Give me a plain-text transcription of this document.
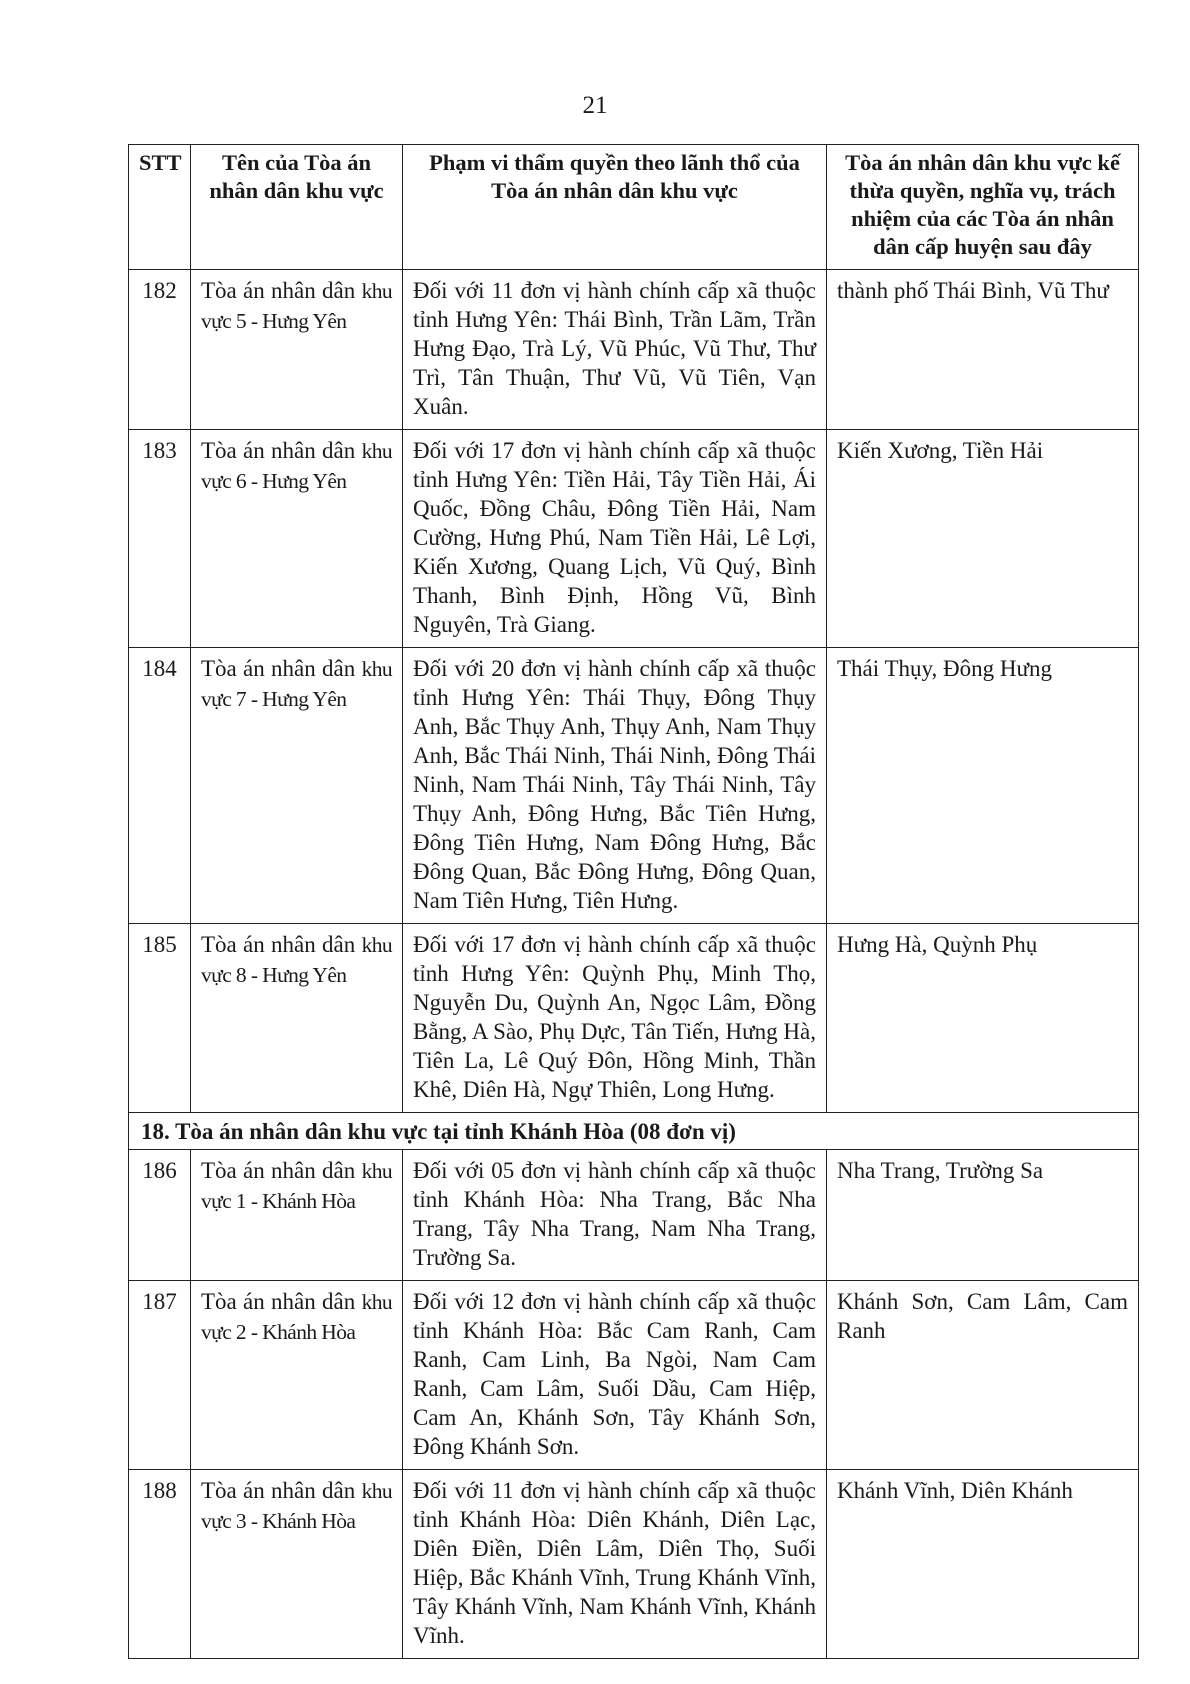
21
STT	Tên của Tòa án nhân dân khu vực	Phạm vi thẩm quyền theo lãnh thổ của Tòa án nhân dân khu vực	Tòa án nhân dân khu vực kế thừa quyền, nghĩa vụ, trách nhiệm của các Tòa án nhân dân cấp huyện sau đây
182	Tòa án nhân dân khu vực 5 - Hưng Yên	Đối với 11 đơn vị hành chính cấp xã thuộc tỉnh Hưng Yên: Thái Bình, Trần Lãm, Trần Hưng Đạo, Trà Lý, Vũ Phúc, Vũ Thư, Thư Trì, Tân Thuận, Thư Vũ, Vũ Tiên, Vạn Xuân.	thành phố Thái Bình, Vũ Thư
183	Tòa án nhân dân khu vực 6 - Hưng Yên	Đối với 17 đơn vị hành chính cấp xã thuộc tỉnh Hưng Yên: Tiền Hải, Tây Tiền Hải, Ái Quốc, Đồng Châu, Đông Tiền Hải, Nam Cường, Hưng Phú, Nam Tiền Hải, Lê Lợi, Kiến Xương, Quang Lịch, Vũ Quý, Bình Thanh, Bình Định, Hồng Vũ, Bình Nguyên, Trà Giang.	Kiến Xương, Tiền Hải
184	Tòa án nhân dân khu vực 7 - Hưng Yên	Đối với 20 đơn vị hành chính cấp xã thuộc tỉnh Hưng Yên: Thái Thụy, Đông Thụy Anh, Bắc Thụy Anh, Thụy Anh, Nam Thụy Anh, Bắc Thái Ninh, Thái Ninh, Đông Thái Ninh, Nam Thái Ninh, Tây Thái Ninh, Tây Thụy Anh, Đông Hưng, Bắc Tiên Hưng, Đông Tiên Hưng, Nam Đông Hưng, Bắc Đông Quan, Bắc Đông Hưng, Đông Quan, Nam Tiên Hưng, Tiên Hưng.	Thái Thụy, Đông Hưng
185	Tòa án nhân dân khu vực 8 - Hưng Yên	Đối với 17 đơn vị hành chính cấp xã thuộc tỉnh Hưng Yên: Quỳnh Phụ, Minh Thọ, Nguyễn Du, Quỳnh An, Ngọc Lâm, Đồng Bằng, A Sào, Phụ Dực, Tân Tiến, Hưng Hà, Tiên La, Lê Quý Đôn, Hồng Minh, Thần Khê, Diên Hà, Ngự Thiên, Long Hưng.	Hưng Hà, Quỳnh Phụ
18. Tòa án nhân dân khu vực tại tỉnh Khánh Hòa (08 đơn vị)			
186	Tòa án nhân dân khu vực 1 - Khánh Hòa	Đối với 05 đơn vị hành chính cấp xã thuộc tỉnh Khánh Hòa: Nha Trang, Bắc Nha Trang, Tây Nha Trang, Nam Nha Trang, Trường Sa.	Nha Trang, Trường Sa
187	Tòa án nhân dân khu vực 2 - Khánh Hòa	Đối với 12 đơn vị hành chính cấp xã thuộc tỉnh Khánh Hòa: Bắc Cam Ranh, Cam Ranh, Cam Linh, Ba Ngòi, Nam Cam Ranh, Cam Lâm, Suối Dầu, Cam Hiệp, Cam An, Khánh Sơn, Tây Khánh Sơn, Đông Khánh Sơn.	Khánh Sơn, Cam Lâm, Cam Ranh
188	Tòa án nhân dân khu vực 3 - Khánh Hòa	Đối với 11 đơn vị hành chính cấp xã thuộc tỉnh Khánh Hòa: Diên Khánh, Diên Lạc, Diên Điền, Diên Lâm, Diên Thọ, Suối Hiệp, Bắc Khánh Vĩnh, Trung Khánh Vĩnh, Tây Khánh Vĩnh, Nam Khánh Vĩnh, Khánh Vĩnh.	Khánh Vĩnh, Diên Khánh
